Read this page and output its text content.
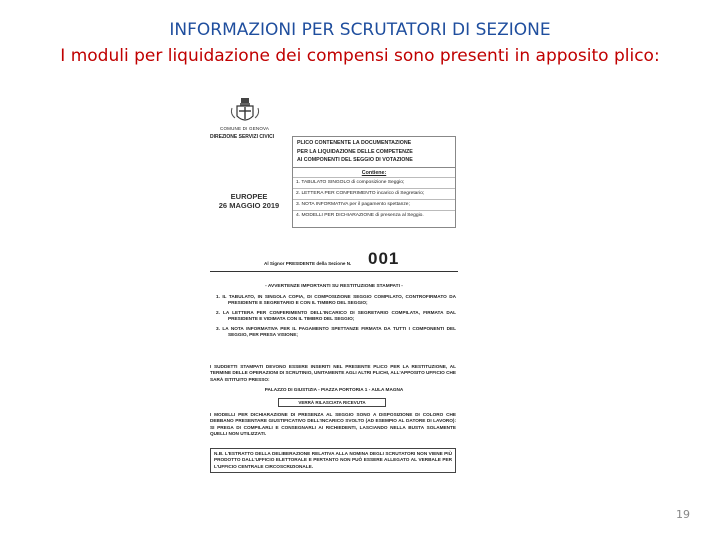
INFORMAZIONI PER SCRUTATORI DI SEZIONE
I moduli per liquidazione dei compensi sono presenti in apposito plico:
COMUNE DI GENOVA
DIREZIONE SERVIZI CIVICI
EUROPEE
26 MAGGIO 2019
PLICO CONTENENTE LA DOCUMENTAZIONE
PER LA LIQUIDAZIONE DELLE COMPETENZE
AI COMPONENTI DEL SEGGIO DI VOTAZIONE
Contiene:
1. TABULATO SINGOLO di composizione Seggio;
2. LETTERA PER CONFERIMENTO incarico di Segretario;
3. NOTA INFORMATIVA per il pagamento spettanze;
4. MODELLI PER DICHIARAZIONE di presenza al Seggio.
Al Signor PRESIDENTE della Sezione N. 001
- AVVERTENZE IMPORTANTI SU RESTITUZIONE STAMPATI -
1. IL TABULATO, IN SINGOLA COPIA, DI COMPOSIZIONE SEGGIO COMPILATO, CONTROFIRMATO DA PRESIDENTE E SEGRETARIO E CON IL TIMBRO DEL SEGGIO;
2. LA LETTERA PER CONFERIMENTO DELL'INCARICO DI SEGRETARIO COMPILATA, FIRMATA DAL PRESIDENTE E VIDIMATA CON IL TIMBRO DEL SEGGIO;
3. LA NOTA INFORMATIVA PER IL PAGAMENTO SPETTANZE FIRMATA DA TUTTI I COMPONENTI DEL SEGGIO, PER PRESA VISIONE;
I SUDDETTI STAMPATI DEVONO ESSERE INSERITI NEL PRESENTE PLICO PER LA RESTITUZIONE, AL TERMINE DELLE OPERAZIONI DI SCRUTINIO, UNITAMENTE AGLI ALTRI PLICHI, ALL'APPOSITO UFFICIO CHE SARÀ ISTITUITO PRESSO:
PALAZZO DI GIUSTIZIA - PIAZZA PORTORIA 1 - AULA MAGNA
VERRÀ RILASCIATA RICEVUTA
I MODELLI PER DICHIARAZIONE DI PRESENZA AL SEGGIO SONO A DISPOSIZIONE DI COLORO CHE DEBBANO PRESENTARE GIUSTIFICATIVO DELL'INCARICO SVOLTO (AD ESEMPIO AL DATORE DI LAVORO): SI PREGA DI COMPILARLI E CONSEGNARLI AI RICHIEDENTI, LASCIANDO NELLA BUSTA SOLAMENTE QUELLI NON UTILIZZATI.
N.B. L'ESTRATTO DELLA DELIBERAZIONE RELATIVA ALLA NOMINA DEGLI SCRUTATORI NON VIENE PIÙ PRODOTTO DALL'UFFICIO ELETTORALE E PERTANTO NON PUÒ ESSERE ALLEGATO AL VERBALE PER L'UFFICIO CENTRALE CIRCOSCRIZIONALE.
19
